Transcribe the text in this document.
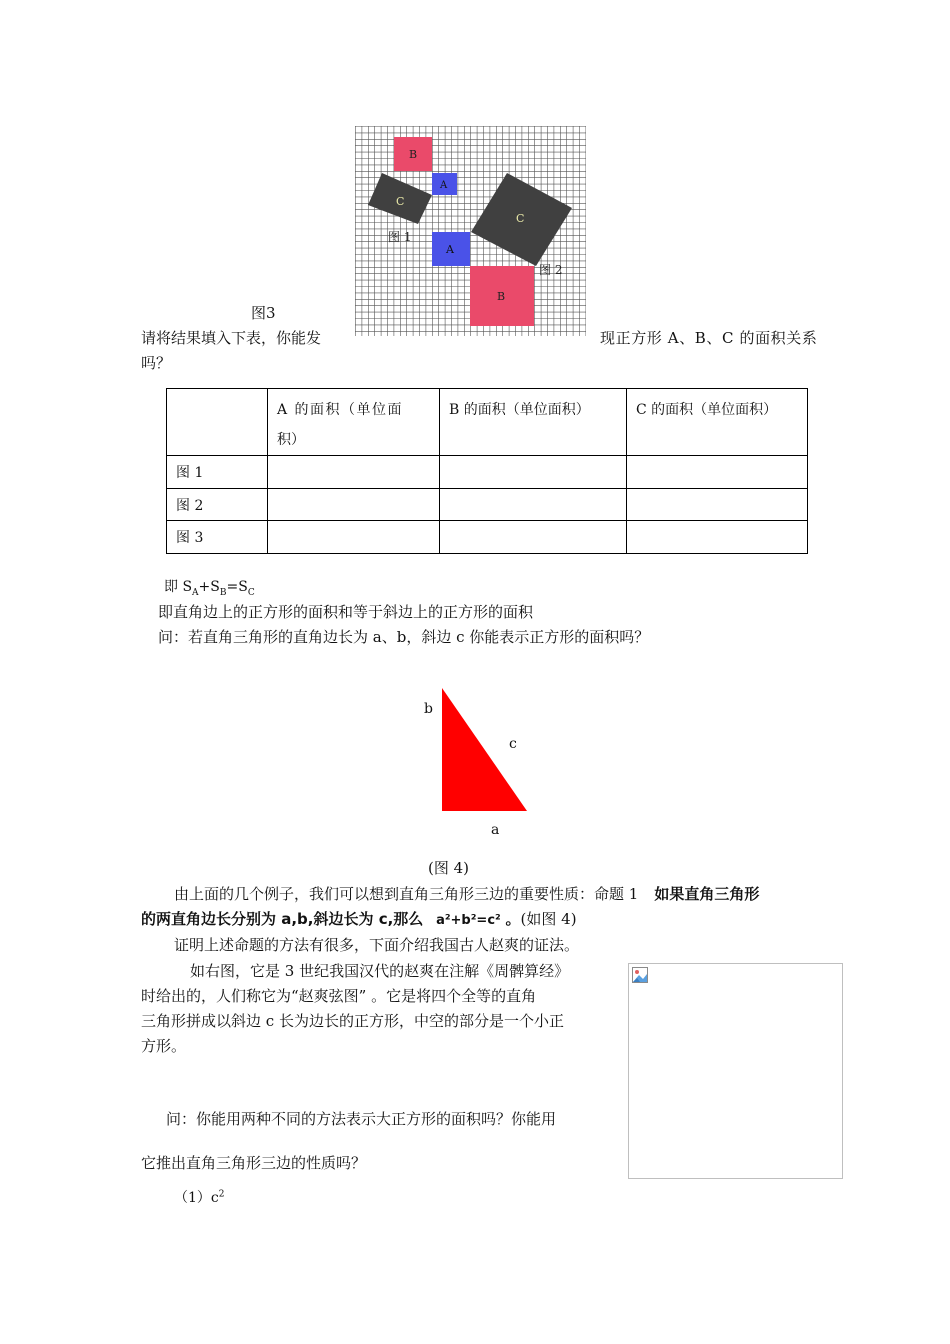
B
A
C
图 1
A
C
图 2
B
图3
请将结果填入下表，你能发	现正方形 A、B、C 的面积关系
吗？
	A 的面积（单位面
积）	B 的面积（单位面积）	C 的面积（单位面积）
图 1			
图 2			
图 3			
即 $S_A+S_B=S_C$
即直角边上的正方形的面积和等于斜边上的正方形的面积
问：若直角三角形的直角边长为 a、b，斜边 c 你能表示正方形的面积吗？
b
c
a
(图 4)
由上面的几个例子，我们可以想到直角三角形三边的重要性质：命题 1 如果直角三角形
的两直角边长分别为 a,b,斜边长为 c,那么 a²+b²=c² 。(如图 4)
证明上述命题的方法有很多，下面介绍我国古人赵爽的证法。
如右图，它是 3 世纪我国汉代的赵爽在注解《周髀算经》
时给出的，人们称它为“赵爽弦图” 。它是将四个全等的直角
三角形拼成以斜边 c 长为边长的正方形，中空的部分是一个小正
方形。
问：你能用两种不同的方法表示大正方形的面积吗？你能用
它推出直角三角形三边的性质吗？
$(1)c^2$
